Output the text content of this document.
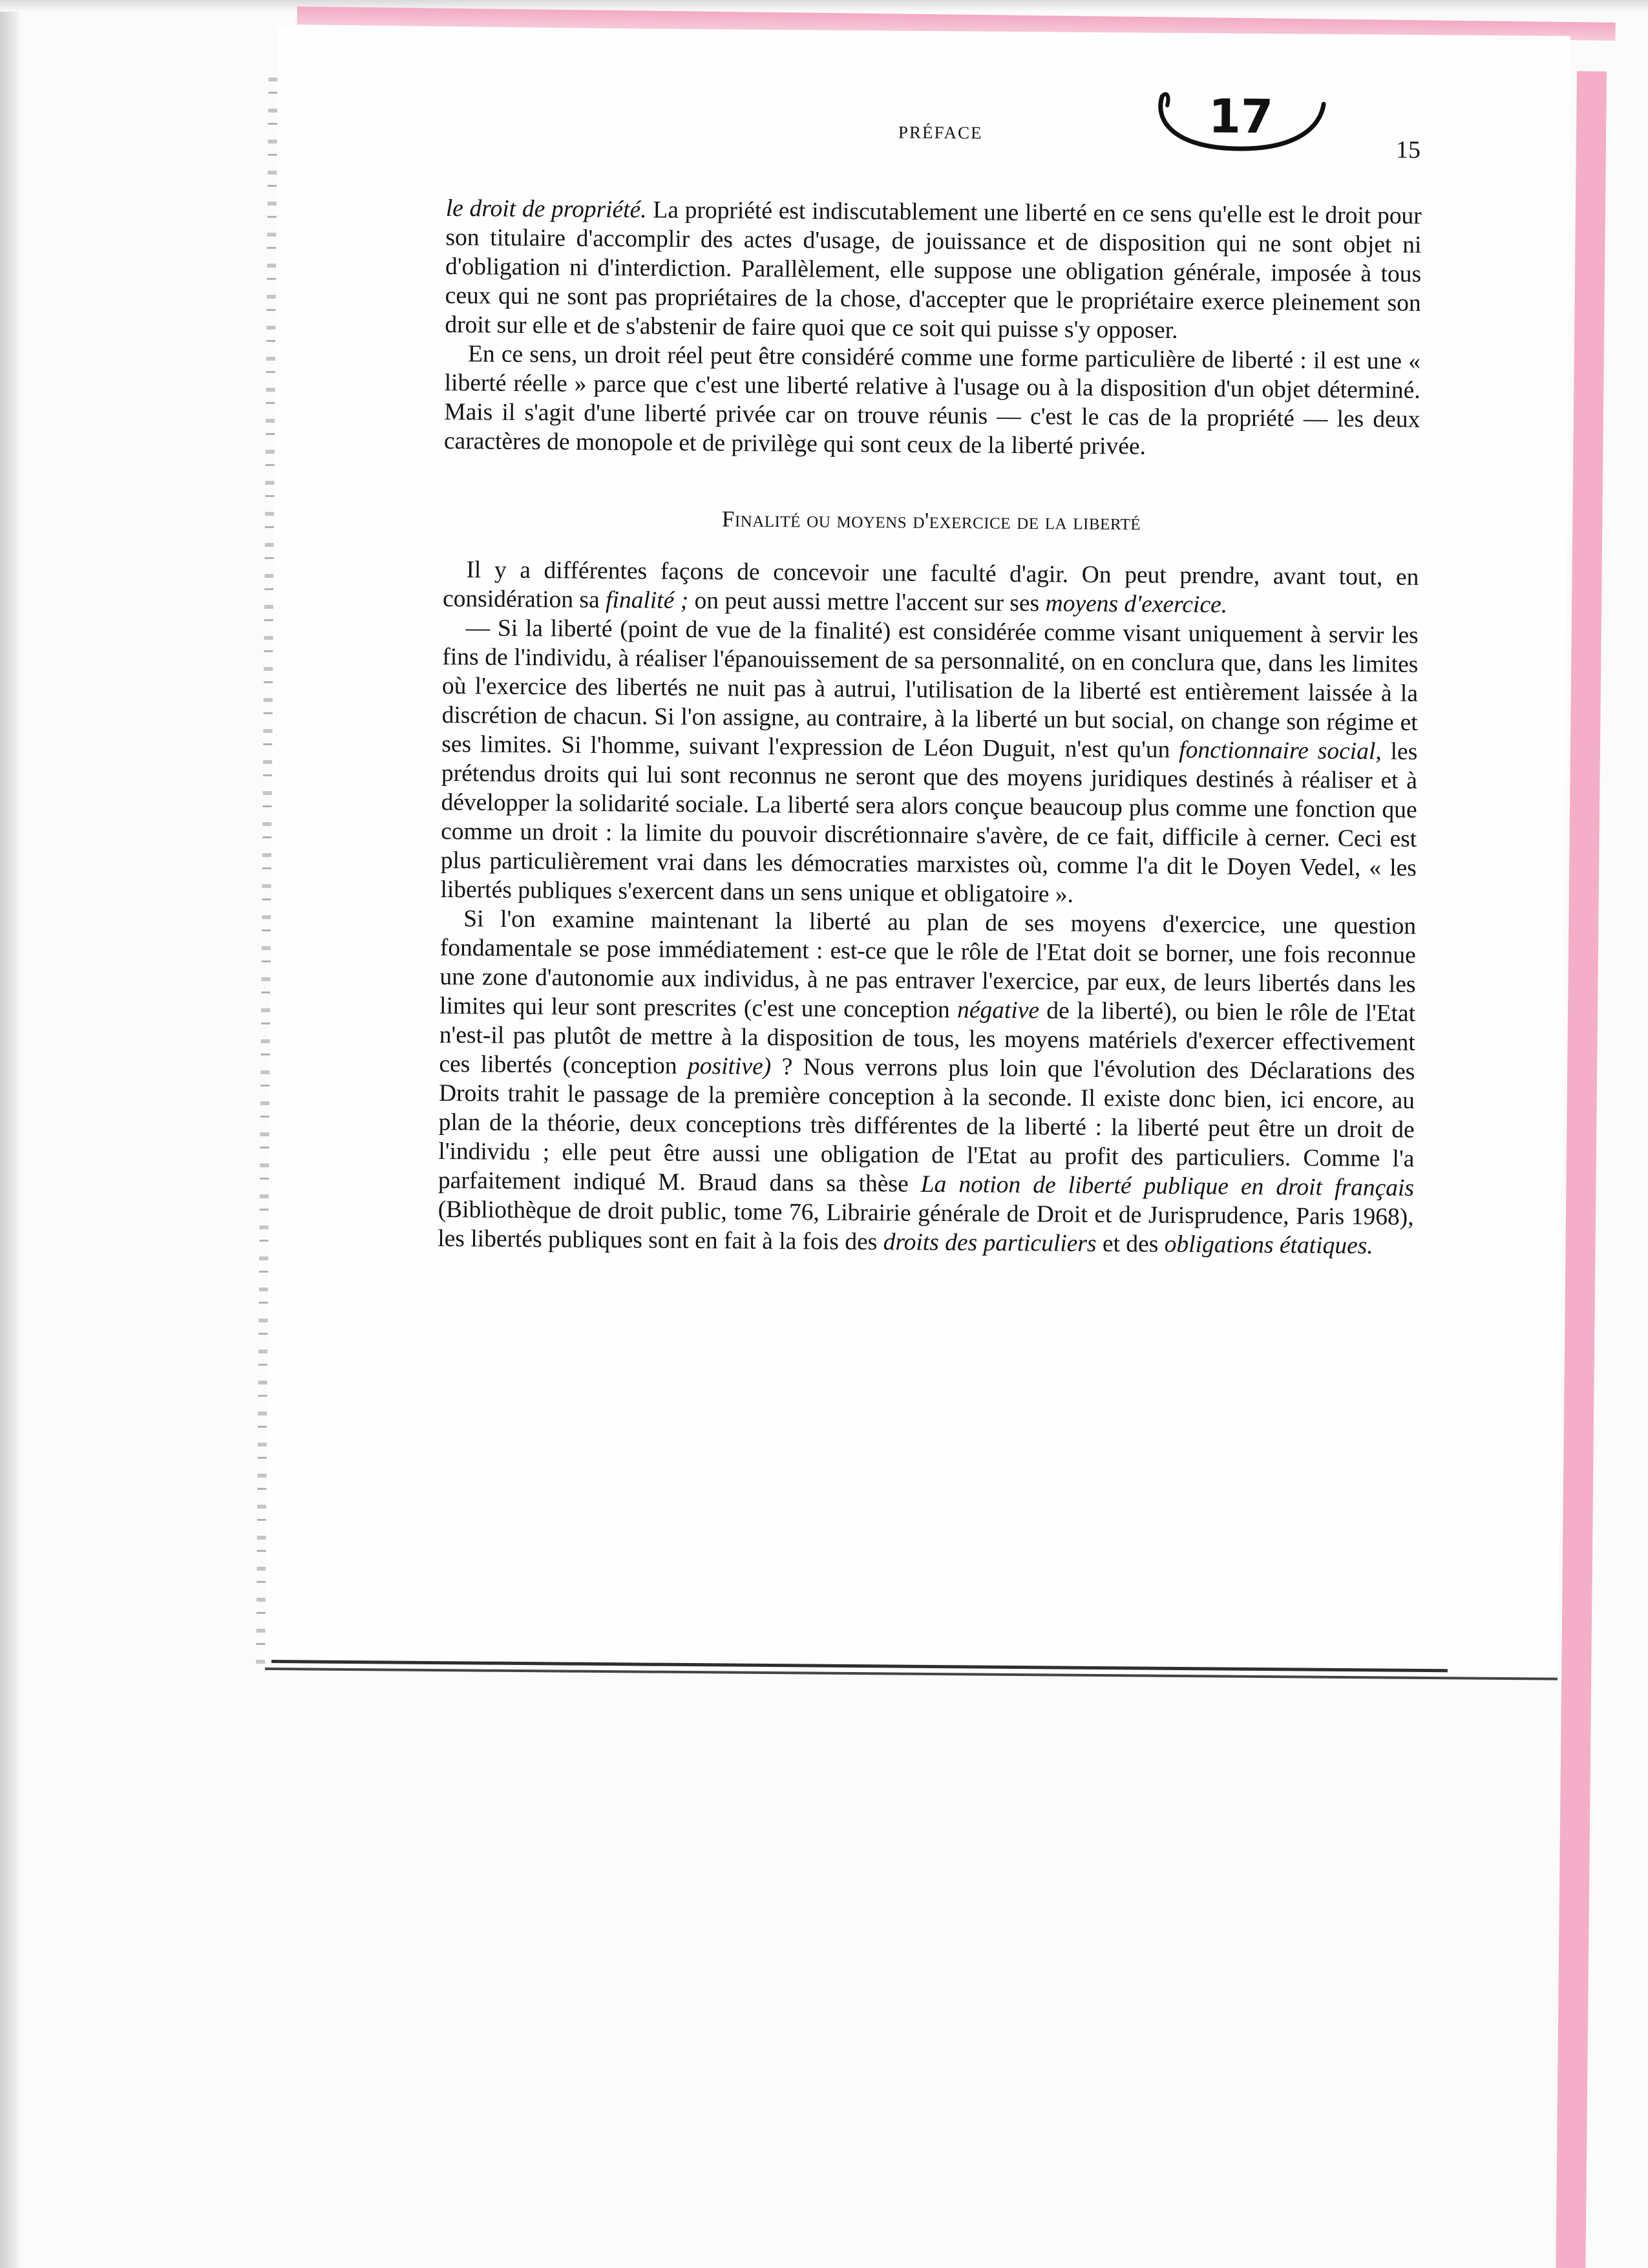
PRÉFACE
15
17

le droit de propriété. La propriété est indiscutablement une liberté en ce sens qu'elle est le droit pour son titulaire d'accomplir des actes d'usage, de jouissance et de disposition qui ne sont objet ni d'obligation ni d'interdiction. Parallèlement, elle suppose une obligation générale, imposée à tous ceux qui ne sont pas propriétaires de la chose, d'accepter que le propriétaire exerce pleinement son droit sur elle et de s'abstenir de faire quoi que ce soit qui puisse s'y opposer.

En ce sens, un droit réel peut être considéré comme une forme particulière de liberté : il est une « liberté réelle » parce que c'est une liberté relative à l'usage ou à la disposition d'un objet déterminé. Mais il s'agit d'une liberté privée car on trouve réunis — c'est le cas de la propriété — les deux caractères de monopole et de privilège qui sont ceux de la liberté privée.

Finalité ou moyens d'exercice de la liberté

Il y a différentes façons de concevoir une faculté d'agir. On peut prendre, avant tout, en considération sa finalité ; on peut aussi mettre l'accent sur ses moyens d'exercice.

— Si la liberté (point de vue de la finalité) est considérée comme visant uniquement à servir les fins de l'individu, à réaliser l'épanouissement de sa personnalité, on en conclura que, dans les limites où l'exercice des libertés ne nuit pas à autrui, l'utilisation de la liberté est entièrement laissée à la discrétion de chacun. Si l'on assigne, au contraire, à la liberté un but social, on change son régime et ses limites. Si l'homme, suivant l'expression de Léon Duguit, n'est qu'un fonctionnaire social, les prétendus droits qui lui sont reconnus ne seront que des moyens juridiques destinés à réaliser et à développer la solidarité sociale. La liberté sera alors conçue beaucoup plus comme une fonction que comme un droit : la limite du pouvoir discrétionnaire s'avère, de ce fait, difficile à cerner. Ceci est plus particulièrement vrai dans les démocraties marxistes où, comme l'a dit le Doyen Vedel, « les libertés publiques s'exercent dans un sens unique et obligatoire ».

Si l'on examine maintenant la liberté au plan de ses moyens d'exercice, une question fondamentale se pose immédiatement : est-ce que le rôle de l'Etat doit se borner, une fois reconnue une zone d'autonomie aux individus, à ne pas entraver l'exercice, par eux, de leurs libertés dans les limites qui leur sont prescrites (c'est une conception négative de la liberté), ou bien le rôle de l'Etat n'est-il pas plutôt de mettre à la disposition de tous, les moyens matériels d'exercer effectivement ces libertés (conception positive) ? Nous verrons plus loin que l'évolution des Déclarations des Droits trahit le passage de la première conception à la seconde. Il existe donc bien, ici encore, au plan de la théorie, deux conceptions très différentes de la liberté : la liberté peut être un droit de l'individu ; elle peut être aussi une obligation de l'Etat au profit des particuliers. Comme l'a parfaitement indiqué M. Braud dans sa thèse La notion de liberté publique en droit français (Bibliothèque de droit public, tome 76, Librairie générale de Droit et de Jurisprudence, Paris 1968), les libertés publiques sont en fait à la fois des droits des particuliers et des obligations étatiques.
